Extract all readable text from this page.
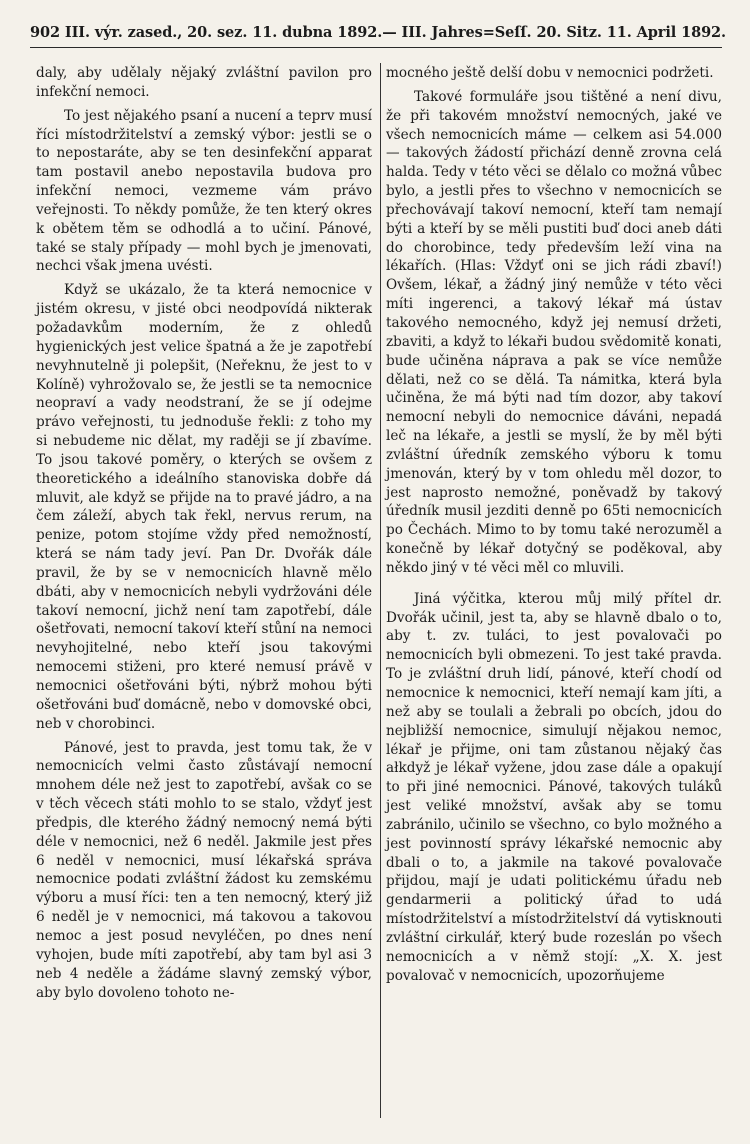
902 III. výr. zased., 20. sez. 11. dubna 1892. — III. Jahres=Seſſ. 20. Sitz. 11. April 1892.

daly, aby udělaly nějaký zvláštní pavilon pro infekční nemoci.

To jest nějakého psaní a nucení a teprv musí říci místodržitelství a zemský výbor: jestli se o to nepostaráte, aby se ten desinfekční apparat tam postavil anebo nepostavila budova pro infekční nemoci, vezmeme vám právo veřejnosti. To někdy pomůže, že ten který okres k obětem těm se odhodlá a to učiní. Pánové, také se staly případy — mohl bych je jmenovati, nechci však jmena uvésti.

Když se ukázalo, že ta která nemocnice v jistém okresu, v jisté obci neodpovídá nikterak požadavkům moderním, že z ohledů hygienických jest velice špatná a že je zapotřebí nevyhnutelně ji polepšit, (Neřeknu, že jest to v Kolíně) vyhrožovalo se, že jestli se ta nemocnice neopraví a vady neodstraní, že se jí odejme právo veřejnosti, tu jednoduše řekli: z toho my si nebudeme nic dělat, my raději se jí zbavíme. To jsou takové poměry, o kterých se ovšem z theoretického a ideálního stanoviska dobře dá mluvit, ale když se přijde na to pravé jádro, a na čem záleží, abych tak řekl, nervus rerum, na penize, potom stojíme vždy před nemožností, která se nám tady jeví. Pan Dr. Dvořák dále pravil, že by se v nemocnicích hlavně mělo dbáti, aby v nemocnicích nebyli vydržováni déle takoví nemocní, jichž není tam zapotřebí, dále ošetřovati, nemocní takoví kteří stůní na nemoci nevyhojitelné, nebo kteří jsou takovými nemocemi stiženi, pro které nemusí právě v nemocnici ošetřováni býti, nýbrž mohou býti ošetřováni buď domácně, nebo v domovské obci, neb v chorobinci.

Pánové, jest to pravda, jest tomu tak, že v nemocnicích velmi často zůstávají nemocní mnohem déle než jest to zapotřebí, avšak co se v těch věcech státi mohlo to se stalo, vždyť jest předpis, dle kterého žádný nemocný nemá býti déle v nemocnici, než 6 neděl. Jakmile jest přes 6 neděl v nemocnici, musí lékařská správa nemocnice podati zvláštní žádost ku zemskému výboru a musí říci: ten a ten nemocný, který již 6 neděl je v nemocnici, má takovou a takovou nemoc a jest posud nevyléčen, po dnes není vyhojen, bude míti zapotřebí, aby tam byl asi 3 neb 4 neděle a žádáme slavný zemský výbor, aby bylo dovoleno tohoto ne-

mocného ještě delší dobu v nemocnici podržeti.

Takové formuláře jsou tištěné a není divu, že při takovém množství nemocných, jaké ve všech nemocnicích máme — celkem asi 54.000 — takových žádostí přichází denně zrovna celá halda. Tedy v této věci se dělalo co možná vůbec bylo, a jestli přes to všechno v nemocnicích se přechovávají takoví nemocní, kteří tam nemají býti a kteří by se měli pustiti buď doci aneb dáti do chorobince, tedy především leží vina na lékařích. (Hlas: Vždyť oni se jich rádi zbaví!) Ovšem, lékař, a žádný jiný nemůže v této věci míti ingerenci, a takový lékař má ústav takového nemocného, když jej nemusí držeti, zbaviti, a když to lékaři budou svědomitě konati, bude učiněna náprava a pak se více nemůže dělati, než co se dělá. Ta námitka, která byla učiněna, že má býti nad tím dozor, aby takoví nemocní nebyli do nemocnice dáváni, nepadá leč na lékaře, a jestli se myslí, že by měl býti zvláštní úředník zemského výboru k tomu jmenován, který by v tom ohledu měl dozor, to jest naprosto nemožné, poněvadž by takový úředník musil jezditi denně po 65ti nemocnicích po Čechách. Mimo to by tomu také nerozuměl a konečně by lékař dotyčný se poděkoval, aby někdo jiný v té věci měl co mluvili.

Jiná výčitka, kterou můj milý přítel dr. Dvořák učinil, jest ta, aby se hlavně dbalo o to, aby t. zv. tuláci, to jest povalovači po nemocnicích byli obmezeni. To jest také pravda. To je zvláštní druh lidí, pánové, kteří chodí od nemocnice k nemocnici, kteří nemají kam jíti, a než aby se toulali a žebrali po obcích, jdou do nejbližší nemocnice, simulují nějakou nemoc, lékař je přijme, oni tam zůstanou nějaký čas ałkdyž je lékař vyžene, jdou zase dále a opakují to při jiné nemocnici. Pánové, takových tuláků jest veliké množství, avšak aby se tomu zabránilo, učinilo se všechno, co bylo možného a jest povinností správy lékařské nemocnic aby dbali o to, a jakmile na takové povalovače přijdou, mají je udati politickému úřadu neb gendarmerii a politický úřad to udá místodržitelství a místodržitelství dá vytisknouti zvláštní cirkulář, který bude rozeslán po všech nemocnicích a v němž stojí: „X. X. jest povalovač v nemocnicích, upozorňujeme
